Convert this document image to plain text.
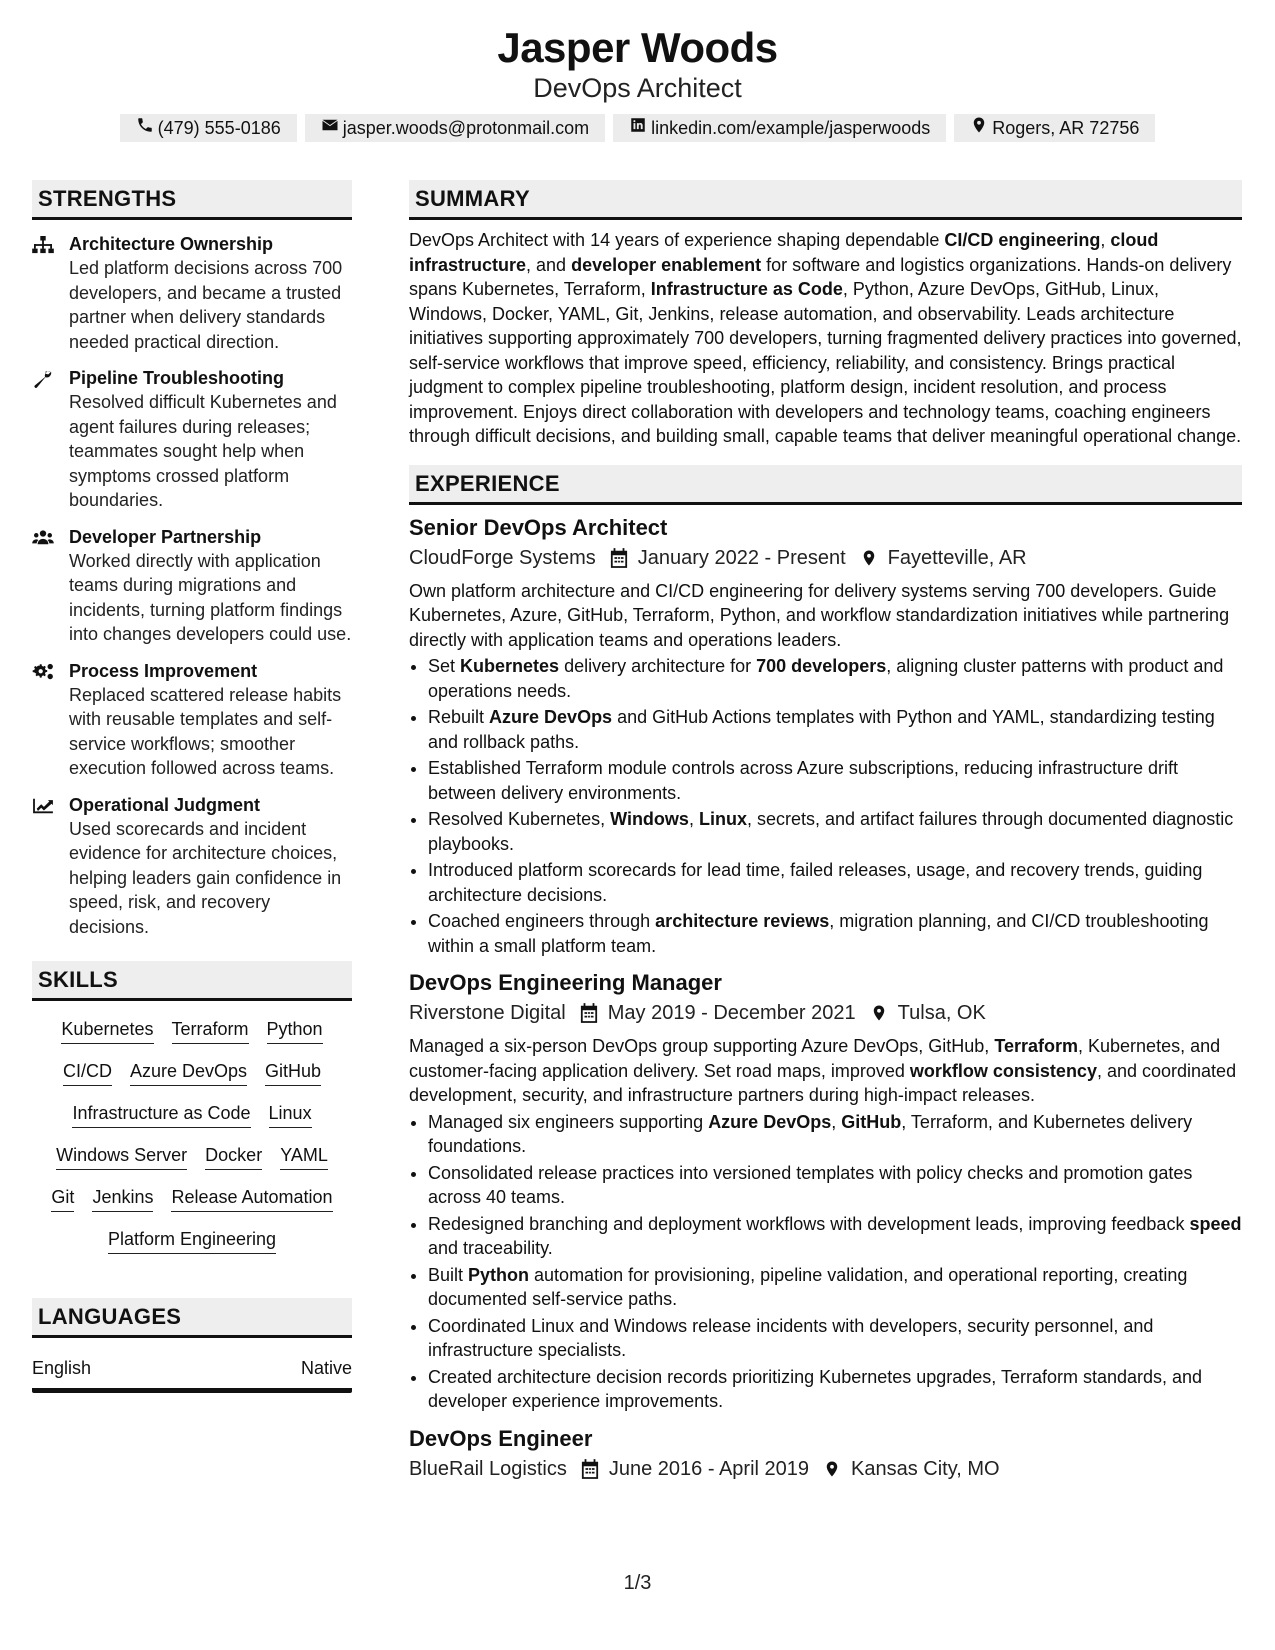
Jasper Woods
DevOps Architect
(479) 555-0186	jasper.woods@protonmail.com	linkedin.com/example/jasperwoods	Rogers, AR 72756
STRENGTHS
Architecture Ownership
Led platform decisions across 700 developers, and became a trusted partner when delivery standards needed practical direction.
Pipeline Troubleshooting
Resolved difficult Kubernetes and agent failures during releases; teammates sought help when symptoms crossed platform boundaries.
Developer Partnership
Worked directly with application teams during migrations and incidents, turning platform findings into changes developers could use.
Process Improvement
Replaced scattered release habits with reusable templates and self-service workflows; smoother execution followed across teams.
Operational Judgment
Used scorecards and incident evidence for architecture choices, helping leaders gain confidence in speed, risk, and recovery decisions.
SKILLS
Kubernetes Terraform Python
CI/CD Azure DevOps GitHub
Infrastructure as Code Linux
Windows Server Docker YAML
Git Jenkins Release Automation
Platform Engineering
LANGUAGES
English	Native
SUMMARY
DevOps Architect with 14 years of experience shaping dependable CI/CD engineering, cloud infrastructure, and developer enablement for software and logistics organizations. Hands-on delivery spans Kubernetes, Terraform, Infrastructure as Code, Python, Azure DevOps, GitHub, Linux, Windows, Docker, YAML, Git, Jenkins, release automation, and observability. Leads architecture initiatives supporting approximately 700 developers, turning fragmented delivery practices into governed, self-service workflows that improve speed, efficiency, reliability, and consistency. Brings practical judgment to complex pipeline troubleshooting, platform design, incident resolution, and process improvement. Enjoys direct collaboration with developers and technology teams, coaching engineers through difficult decisions, and building small, capable teams that deliver meaningful operational change.
EXPERIENCE
Senior DevOps Architect
CloudForge Systems January 2022 - Present Fayetteville, AR
Own platform architecture and CI/CD engineering for delivery systems serving 700 developers. Guide Kubernetes, Azure, GitHub, Terraform, Python, and workflow standardization initiatives while partnering directly with application teams and operations leaders.
• Set Kubernetes delivery architecture for 700 developers, aligning cluster patterns with product and operations needs.
• Rebuilt Azure DevOps and GitHub Actions templates with Python and YAML, standardizing testing and rollback paths.
• Established Terraform module controls across Azure subscriptions, reducing infrastructure drift between delivery environments.
• Resolved Kubernetes, Windows, Linux, secrets, and artifact failures through documented diagnostic playbooks.
• Introduced platform scorecards for lead time, failed releases, usage, and recovery trends, guiding architecture decisions.
• Coached engineers through architecture reviews, migration planning, and CI/CD troubleshooting within a small platform team.
DevOps Engineering Manager
Riverstone Digital May 2019 - December 2021 Tulsa, OK
Managed a six-person DevOps group supporting Azure DevOps, GitHub, Terraform, Kubernetes, and customer-facing application delivery. Set road maps, improved workflow consistency, and coordinated development, security, and infrastructure partners during high-impact releases.
• Managed six engineers supporting Azure DevOps, GitHub, Terraform, and Kubernetes delivery foundations.
• Consolidated release practices into versioned templates with policy checks and promotion gates across 40 teams.
• Redesigned branching and deployment workflows with development leads, improving feedback speed and traceability.
• Built Python automation for provisioning, pipeline validation, and operational reporting, creating documented self-service paths.
• Coordinated Linux and Windows release incidents with developers, security personnel, and infrastructure specialists.
• Created architecture decision records prioritizing Kubernetes upgrades, Terraform standards, and developer experience improvements.
DevOps Engineer
BlueRail Logistics June 2016 - April 2019 Kansas City, MO
1/3
